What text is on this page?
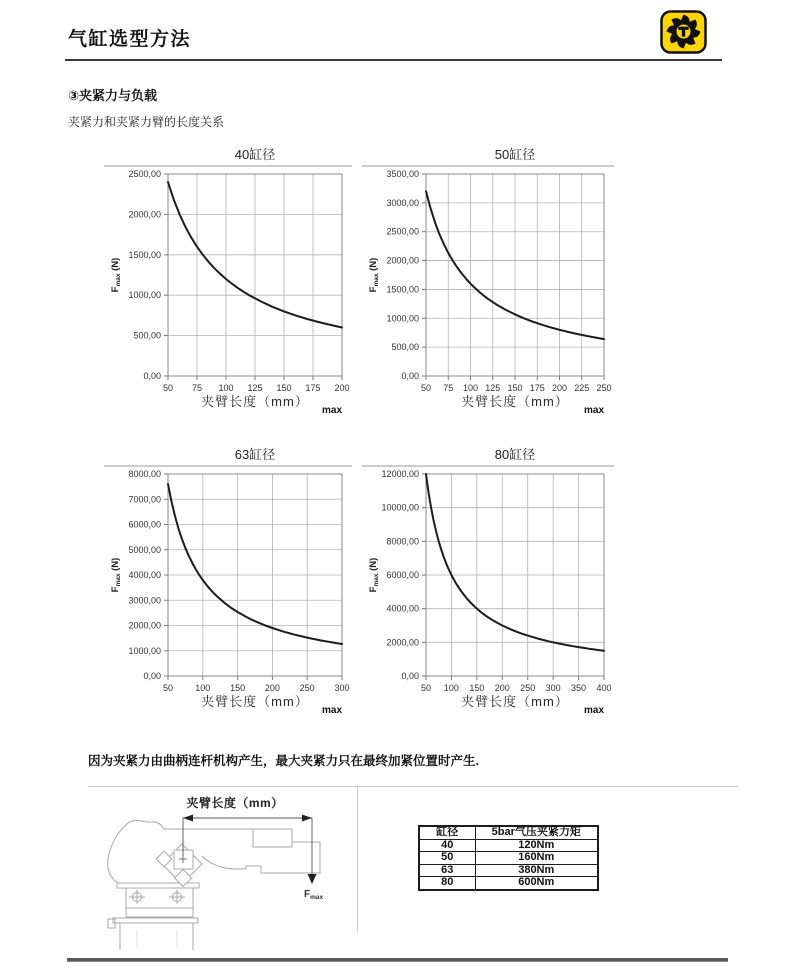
气缸选型方法
③夹紧力与负载
夹紧力和夹紧力臂的长度关系
40缸径
0,00
500,00
1000,00
1500,00
2000,00
2500,00
50 75 100 125 150 175 200
$F_{max}$ (N)
夹臂长度（mm）
max
50缸径
0,00
500,00
1000,00
1500,00
2000,00
2500,00
3000,00
3500,00
50 75 100 125 150 175 200 225 250
$F_{max}$ (N)
夹臂长度（mm）
max
63缸径
0,00
1000,00
2000,00
3000,00
4000,00
5000,00
6000,00
7000,00
8000,00
50 100 150 200 250 300
$F_{max}$ (N)
夹臂长度（mm）
max
80缸径
0,00
2000,00
4000,00
6000,00
8000,00
10000,00
12000,00
50 100 150 200 250 300 350 400
$F_{max}$ (N)
夹臂长度（mm）
max
因为夹紧力由曲柄连杆机构产生，最大夹紧力只在最终加紧位置时产生.
夹臂长度（mm）
$F_{max}$
缸径	5bar气压夹紧力矩
40	120Nm
50	160Nm
63	380Nm
80	600Nm
